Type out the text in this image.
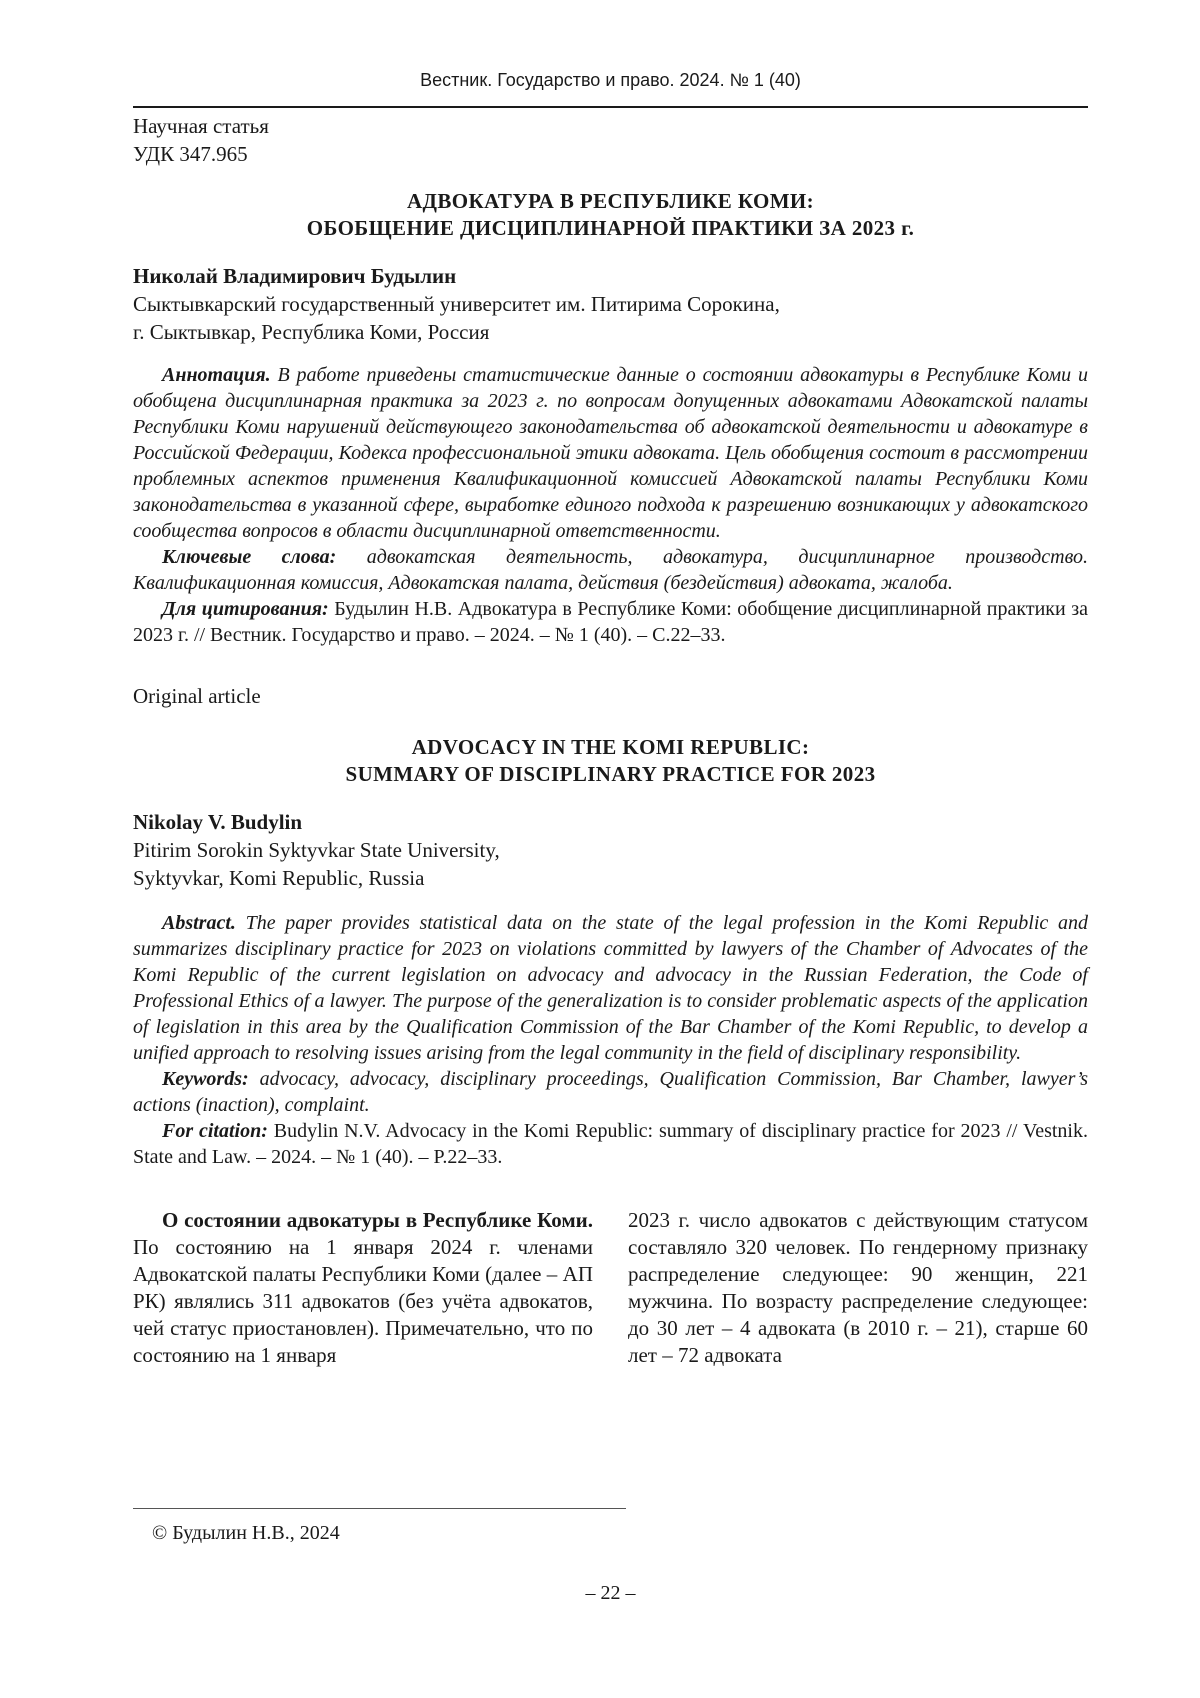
Вестник. Государство и право. 2024. № 1 (40)
Научная статья
УДК 347.965
АДВОКАТУРА В РЕСПУБЛИКЕ КОМИ:
ОБОБЩЕНИЕ ДИСЦИПЛИНАРНОЙ ПРАКТИКИ ЗА 2023 г.
Николай Владимирович Будылин
Сыктывкарский государственный университет им. Питирима Сорокина,
г. Сыктывкар, Республика Коми, Россия

Аннотация. В работе приведены статистические данные о состоянии адвокатуры в Республике Коми и обобщена дисциплинарная практика за 2023 г. по вопросам допущенных адвокатами Адвокатской палаты Республики Коми нарушений действующего законодательства об адвокатской деятельности и адвокатуре в Российской Федерации, Кодекса профессиональной этики адвоката. Цель обобщения состоит в рассмотрении проблемных аспектов применения Квалификационной комиссией Адвокатской палаты Республики Коми законодательства в указанной сфере, выработке единого подхода к разрешению возникающих у адвокатского сообщества вопросов в области дисциплинарной ответственности.

Ключевые слова: адвокатская деятельность, адвокатура, дисциплинарное производство. Квалификационная комиссия, Адвокатская палата, действия (бездействия) адвоката, жалоба.

Для цитирования: Будылин Н.В. Адвокатура в Республике Коми: обобщение дисциплинарной практики за 2023 г. // Вестник. Государство и право. – 2024. – № 1 (40). – С.22–33.

Original article
ADVOCACY IN THE KOMI REPUBLIC:
SUMMARY OF DISCIPLINARY PRACTICE FOR 2023
Nikolay V. Budylin
Pitirim Sorokin Syktyvkar State University,
Syktyvkar, Komi Republic, Russia

Abstract. The paper provides statistical data on the state of the legal profession in the Komi Republic and summarizes disciplinary practice for 2023 on violations committed by lawyers of the Chamber of Advocates of the Komi Republic of the current legislation on advocacy and advocacy in the Russian Federation, the Code of Professional Ethics of a lawyer. The purpose of the generalization is to consider problematic aspects of the application of legislation in this area by the Qualification Commission of the Bar Chamber of the Komi Republic, to develop a unified approach to resolving issues arising from the legal community in the field of disciplinary responsibility.

Keywords: advocacy, advocacy, disciplinary proceedings, Qualification Commission, Bar Chamber, lawyer’s actions (inaction), complaint.

For citation: Budylin N.V. Advocacy in the Komi Republic: summary of disciplinary practice for 2023 // Vestnik. State and Law. – 2024. – № 1 (40). – P.22–33.

О состоянии адвокатуры в Республике Коми. По состоянию на 1 января 2024 г. членами Адвокатской палаты Республики Коми (далее – АП РК) являлись 311 адвокатов (без учёта адвокатов, чей статус приостановлен). Примечательно, что по состоянию на 1 января

2023 г. число адвокатов с действующим статусом составляло 320 человек. По гендерному признаку распределение следующее: 90 женщин, 221 мужчина. По возрасту распределение следующее: до 30 лет – 4 адвоката (в 2010 г. – 21), старше 60 лет – 72 адвоката

© Будылин Н.В., 2024
– 22 –
